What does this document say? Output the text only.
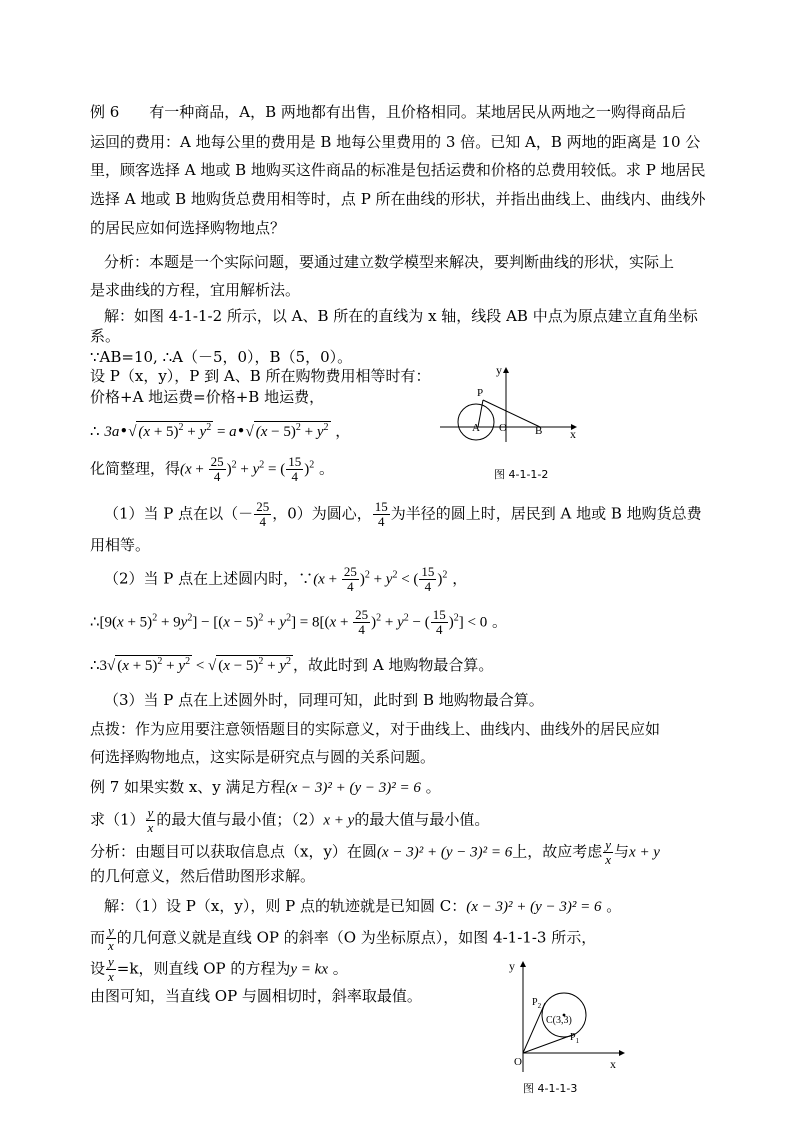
例 6　　有一种商品，A，B 两地都有出售，且价格相同。某地居民从两地之一购得商品后
运回的费用：A 地每公里的费用是 B 地每公里费用的 3 倍。已知 A，B 两地的距离是 10 公
里，顾客选择 A 地或 B 地购买这件商品的标准是包括运费和价格的总费用较低。求 P 地居民
选择 A 地或 B 地购货总费用相等时，点 P 所在曲线的形状，并指出曲线上、曲线内、曲线外
的居民应如何选择购物地点？
分析：本题是一个实际问题，要通过建立数学模型来解决，要判断曲线的形状，实际上
是求曲线的方程，宜用解析法。
解：如图 4-1-1-2 所示，以 A、B 所在的直线为 x 轴，线段 AB 中点为原点建立直角坐标
系。
∵AB=10, ∴A（－5，0），B（5，0）。
设 P（x，y），P 到 A、B 所在购物费用相等时有：
价格+A 地运费=价格+B 地运费，
∴ 3a•√ $(x + 5)^2 + y^2$ = a•√ $(x - 5)^2 + y^2$ ，
化简整理，得$(x + \frac{25}{4} )^2 + y^2$ = ( $\frac{15}{4} )^2$ 。
（1）当 P 点在以（－ $\frac{25}{4}$ ，0）为圆心， $\frac{15}{4}$ 为半径的圆上时，居民到 A 地或 B 地购货总费
用相等。
（2）当 P 点在上述圆内时，∵(x + $\frac{25}{4} )^2 + y^2$ < ( $\frac{15}{4} )^2$ ，
∴[9(x + $5)^2 + 9y^2] - [(x - 5)^2 + y^2] = 8[(x + \frac{25}{4} )^2 + y^2$ − ( $\frac{15}{4} )^2] < 0$ 。
∴3√ $(x + 5)^2 + y^2$ < √ $(x - 5)^2 + y^2$ ，故此时到 A 地购物最合算。
（3）当 P 点在上述圆外时，同理可知，此时到 B 地购物最合算。
点拨：作为应用要注意领悟题目的实际意义，对于曲线上、曲线内、曲线外的居民应如
何选择购物地点，这实际是研究点与圆的关系问题。
y
x
P
A O	B
图 4-1-1-2
例 7 如果实数 x、y 满足方程(x − 3)² + (y − 3)² = 6 。
求$(1) \frac{y}{x}$ 的最大值与最小值；（2）x + y的最大值与最小值。
分析：由题目可以获取信息点（x，y）在圆(x − 3)² + (y − 3)² = 6上，故应考虑 $\frac{y}{x}$ 与x + y
的几何意义，然后借助图形求解。
解：（1）设 P（x，y），则 P 点的轨迹就是已知圆 C：(x − 3)² + (y − 3)² = 6 。
而 $\frac{y}{x}$ 的几何意义就是直线 OP 的斜率（O 为坐标原点），如图 4-1-1-3 所示，
设 $\frac{y}{x} =k$，则直线 OP 的方程为y = kx 。
由图可知，当直线 OP 与圆相切时，斜率取最值。
y
x
O
$P_2$
$P_1$
C(3,3)
图 4-1-1-3
